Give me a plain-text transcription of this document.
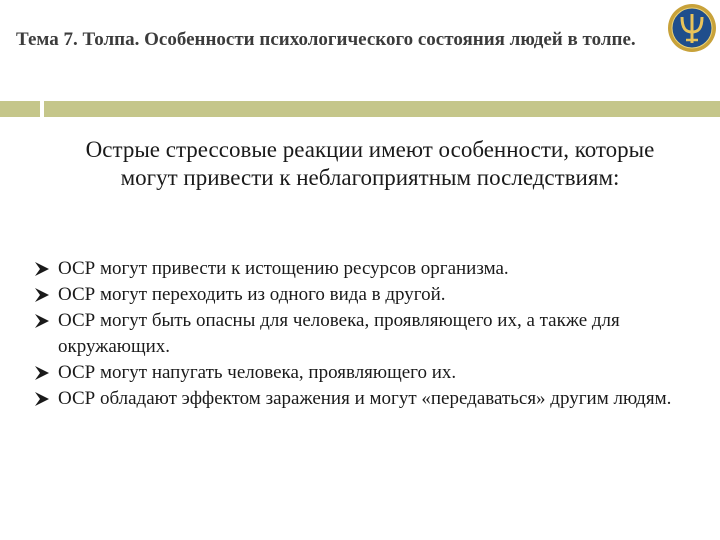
Тема 7. Толпа. Особенности психологического состояния людей в толпе.
Острые стрессовые реакции имеют особенности, которые могут привести к неблагоприятным последствиям:
ОСР могут привести к истощению ресурсов организма.
ОСР могут переходить из одного вида в другой.
ОСР могут быть опасны для человека, проявляющего их, а также для окружающих.
ОСР могут напугать человека, проявляющего их.
ОСР обладают эффектом заражения и могут «передаваться» другим людям.
